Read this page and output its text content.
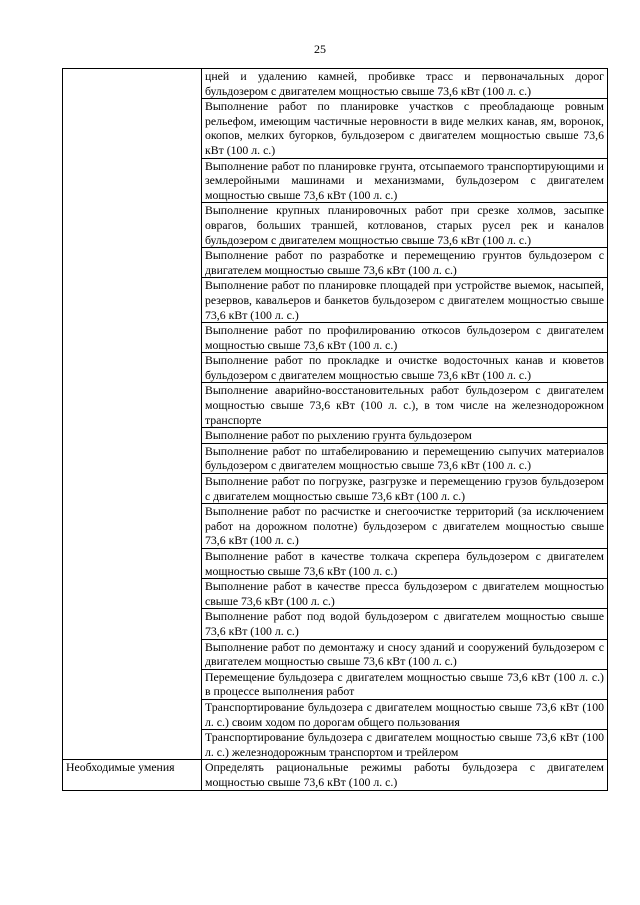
25
	цней и удалению камней, пробивке трасс и первоначальных дорог бульдозером с двигателем мощностью свыше 73,6 кВт (100 л. с.)
	Выполнение работ по планировке участков с преобладающе ровным рельефом, имеющим частичные неровности в виде мелких канав, ям, воронок, окопов, мелких бугорков, бульдозером с двигателем мощностью свыше 73,6 кВт (100 л. с.)
	Выполнение работ по планировке грунта, отсыпаемого транспортирующими и землеройными машинами и механизмами, бульдозером с двигателем мощностью свыше 73,6 кВт (100 л. с.)
	Выполнение крупных планировочных работ при срезке холмов, засыпке оврагов, больших траншей, котлованов, старых русел рек и каналов бульдозером с двигателем мощностью свыше 73,6 кВт (100 л. с.)
	Выполнение работ по разработке и перемещению грунтов бульдозером с двигателем мощностью свыше 73,6 кВт (100 л. с.)
	Выполнение работ по планировке площадей при устройстве выемок, насыпей, резервов, кавальеров и банкетов бульдозером с двигателем мощностью свыше 73,6 кВт (100 л. с.)
	Выполнение работ по профилированию откосов бульдозером с двигателем мощностью свыше 73,6 кВт (100 л. с.)
	Выполнение работ по прокладке и очистке водосточных канав и кюветов бульдозером с двигателем мощностью свыше 73,6 кВт (100 л. с.)
	Выполнение аварийно-восстановительных работ бульдозером с двигателем мощностью свыше 73,6 кВт (100 л. с.), в том числе на железнодорожном транспорте
	Выполнение работ по рыхлению грунта бульдозером
	Выполнение работ по штабелированию и перемещению сыпучих материалов бульдозером с двигателем мощностью свыше 73,6 кВт (100 л. с.)
	Выполнение работ по погрузке, разгрузке и перемещению грузов бульдозером с двигателем мощностью свыше 73,6 кВт (100 л. с.)
	Выполнение работ по расчистке и снегоочистке территорий (за исключением работ на дорожном полотне) бульдозером с двигателем мощностью свыше 73,6 кВт (100 л. с.)
	Выполнение работ в качестве толкача скрепера бульдозером с двигателем мощностью свыше 73,6 кВт (100 л. с.)
	Выполнение работ в качестве пресса бульдозером с двигателем мощностью свыше 73,6 кВт (100 л. с.)
	Выполнение работ под водой бульдозером с двигателем мощностью свыше 73,6 кВт (100 л. с.)
	Выполнение работ по демонтажу и сносу зданий и сооружений бульдозером с двигателем мощностью свыше 73,6 кВт (100 л. с.)
	Перемещение бульдозера с двигателем мощностью свыше 73,6 кВт (100 л. с.) в процессе выполнения работ
	Транспортирование бульдозера с двигателем мощностью свыше 73,6 кВт (100 л. с.) своим ходом по дорогам общего пользования
	Транспортирование бульдозера с двигателем мощностью свыше 73,6 кВт (100 л. с.) железнодорожным транспортом и трейлером
Необходимые умения	Определять рациональные режимы работы бульдозера с двигателем мощностью свыше 73,6 кВт (100 л. с.)
